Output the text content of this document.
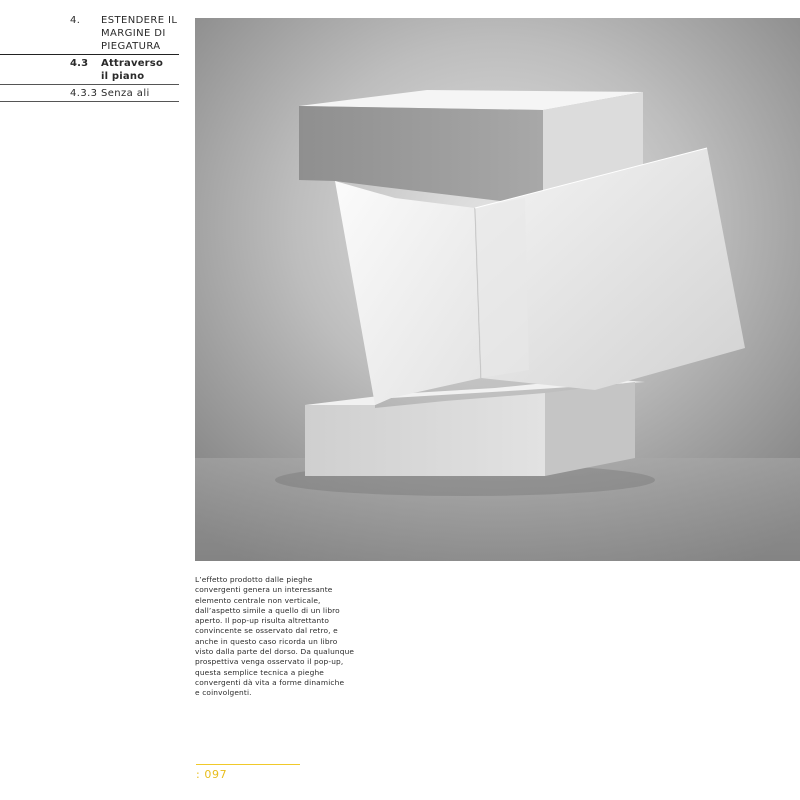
4. ESTENDERE IL
MARGINE DI
PIEGATURA
4.3 Attraverso
il piano
4.3.3 Senza ali

L’effetto prodotto dalle pieghe

convergenti genera un interessante

elemento centrale non verticale,

dall’aspetto simile a quello di un libro

aperto. Il pop-up risulta altrettanto

convincente se osservato dal retro, e

anche in questo caso ricorda un libro

visto dalla parte del dorso. Da qualunque

prospettiva venga osservato il pop-up,

questa semplice tecnica a pieghe

convergenti dà vita a forme dinamiche

e coinvolgenti.

: 097
